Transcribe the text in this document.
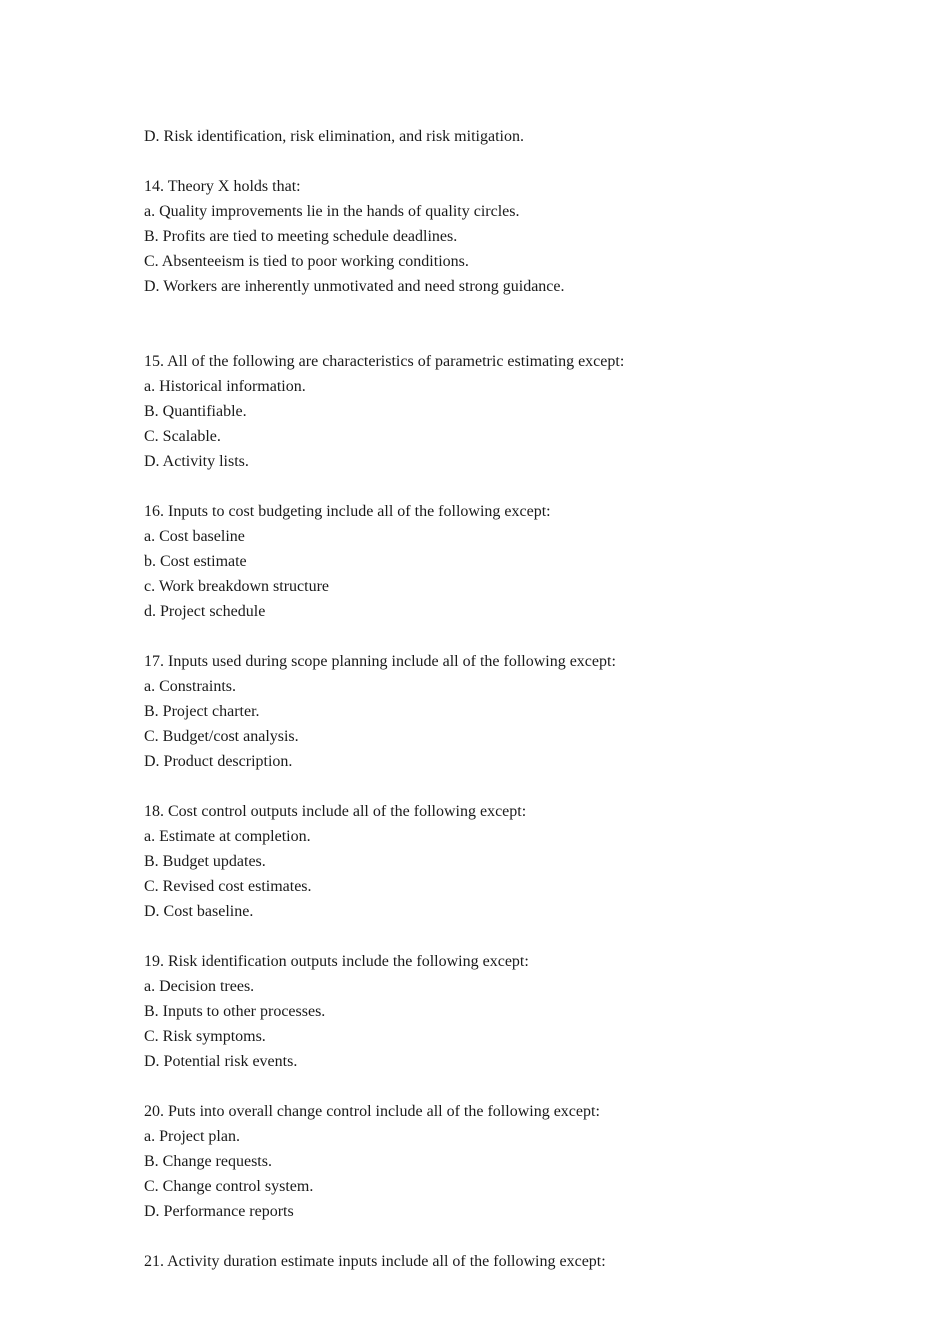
D. Risk identification, risk elimination, and risk mitigation.
14. Theory X holds that:
a. Quality improvements lie in the hands of quality circles.
B. Profits are tied to meeting schedule deadlines.
C. Absenteeism is tied to poor working conditions.
D. Workers are inherently unmotivated and need strong guidance.
15. All of the following are characteristics of parametric estimating except:
a. Historical information.
B. Quantifiable.
C. Scalable.
D. Activity lists.
16. Inputs to cost budgeting include all of the following except:
a. Cost baseline
b. Cost estimate
c. Work breakdown structure
d. Project schedule
17. Inputs used during scope planning include all of the following except:
a. Constraints.
B. Project charter.
C. Budget/cost analysis.
D. Product description.
18. Cost control outputs include all of the following except:
a. Estimate at completion.
B. Budget updates.
C. Revised cost estimates.
D. Cost baseline.
19. Risk identification outputs include the following except:
a. Decision trees.
B. Inputs to other processes.
C. Risk symptoms.
D. Potential risk events.
20. Puts into overall change control include all of the following except:
a. Project plan.
B. Change requests.
C. Change control system.
D. Performance reports
21. Activity duration estimate inputs include all of the following except:
